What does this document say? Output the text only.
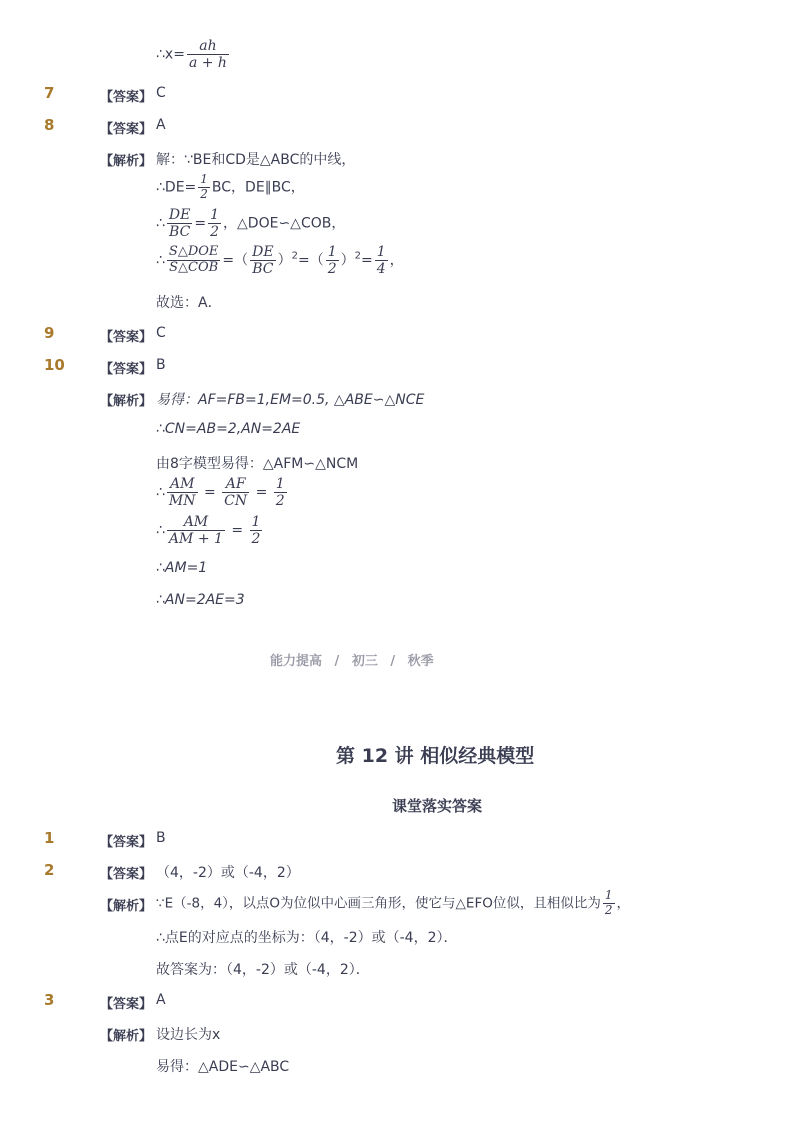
∴x= $\frac{ah}{a + h}$
7	【答案】 C
8	【答案】 A
【解析】 解：∵BE和CD是△ABC的中线，
∴DE= $\frac{1}{2}$ BC，DE∥BC，
∴ $\frac{DE}{BC} = \frac{1}{2}$ ，△DOE∽△COB，
∴ $\frac{\text{S△DOE}}{\text{S△COB}}$ =（ $\frac{DE}{BC} )^2=( \frac{1}{2} )^2= \frac{1}{4}$ ，
故选：A．
9	【答案】 C
10	【答案】 B
【解析】 易得：AF=FB=1,EM=0.5, △ABE∽△NCE
∴CN=AB=2,AN=2AE
由8字模型易得：△AFM∽△NCM
∴ $\frac{AM}{MN} = \frac{AF}{CN} = \frac{1}{2}$
∴ $\frac{AM}{AM + 1} = \frac{1}{2}$
∴AM=1
∴AN=2AE=3
能力提高 / 初三 / 秋季
第 12 讲 相似经典模型
课堂落实答案
1	【答案】 B
2	【答案】 （4，-2）或（-4，2）
【解析】 ∵E（-8，4），以点O为位似中心画三角形，使它与△EFO位似，且相似比为 $\frac{1}{2}$ ，
∴点E的对应点的坐标为：（4，-2）或（-4，2）．
故答案为：（4，-2）或（-4，2）．
3	【答案】 A
【解析】 设边长为x
易得：△ADE∽△ABC
